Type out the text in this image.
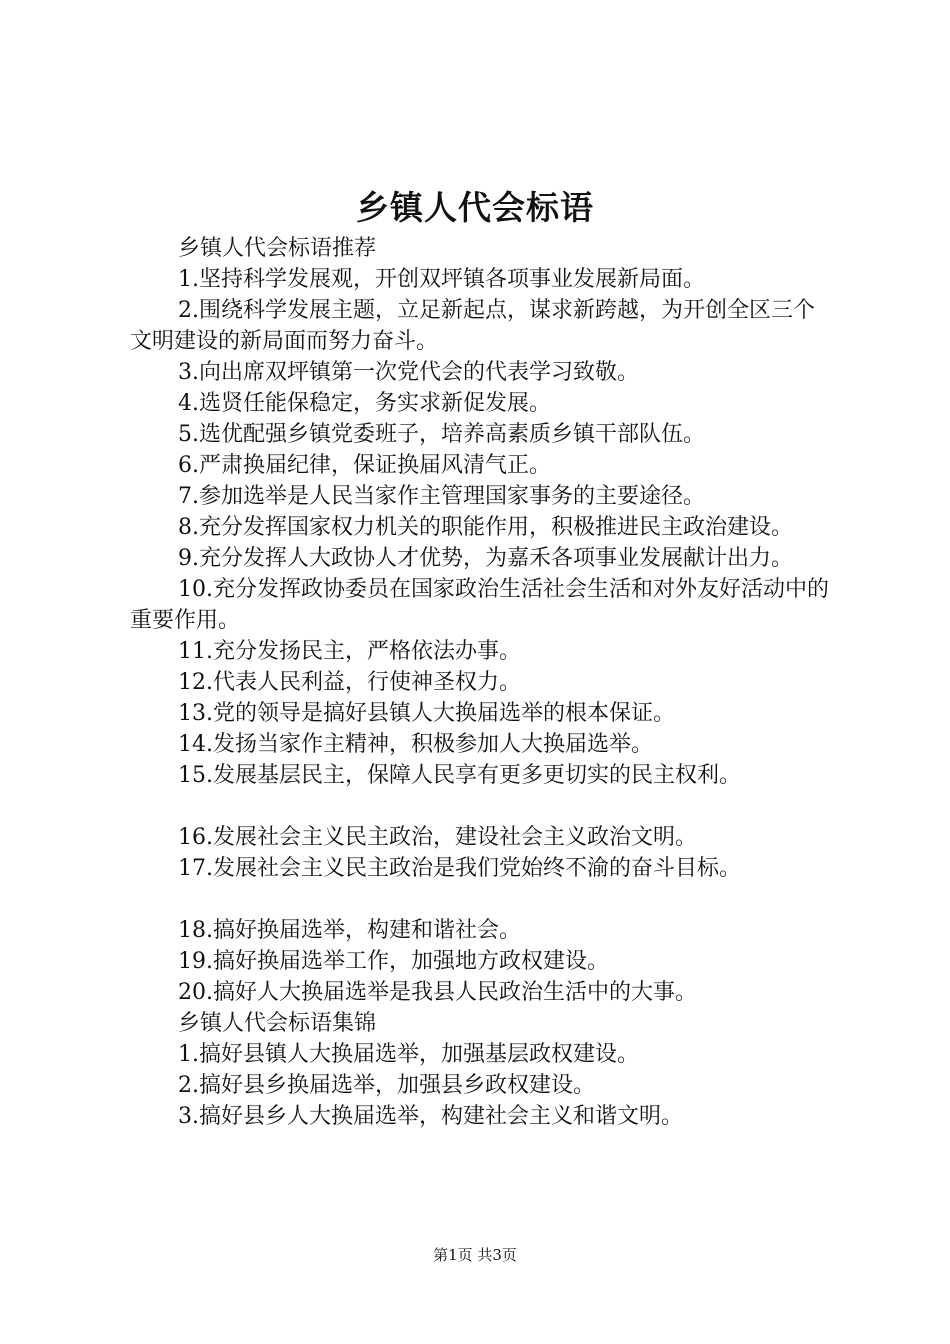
乡镇人代会标语

乡镇人代会标语推荐

1.坚持科学发展观，开创双坪镇各项事业发展新局面。

2.围绕科学发展主题，立足新起点，谋求新跨越，为开创全区三个文明建设的新局面而努力奋斗。

3.向出席双坪镇第一次党代会的代表学习致敬。

4.选贤任能保稳定，务实求新促发展。

5.选优配强乡镇党委班子，培养高素质乡镇干部队伍。

6.严肃换届纪律，保证换届风清气正。

7.参加选举是人民当家作主管理国家事务的主要途径。

8.充分发挥国家权力机关的职能作用，积极推进民主政治建设。

9.充分发挥人大政协人才优势，为嘉禾各项事业发展献计出力。

10.充分发挥政协委员在国家政治生活社会生活和对外友好活动中的重要作用。

11.充分发扬民主，严格依法办事。

12.代表人民利益，行使神圣权力。

13.党的领导是搞好县镇人大换届选举的根本保证。

14.发扬当家作主精神，积极参加人大换届选举。

15.发展基层民主，保障人民享有更多更切实的民主权利。

16.发展社会主义民主政治，建设社会主义政治文明。

17.发展社会主义民主政治是我们党始终不渝的奋斗目标。

18.搞好换届选举，构建和谐社会。

19.搞好换届选举工作，加强地方政权建设。

20.搞好人大换届选举是我县人民政治生活中的大事。

乡镇人代会标语集锦

1.搞好县镇人大换届选举，加强基层政权建设。

2.搞好县乡换届选举，加强县乡政权建设。

3.搞好县乡人大换届选举，构建社会主义和谐文明。

第1页 共3页
